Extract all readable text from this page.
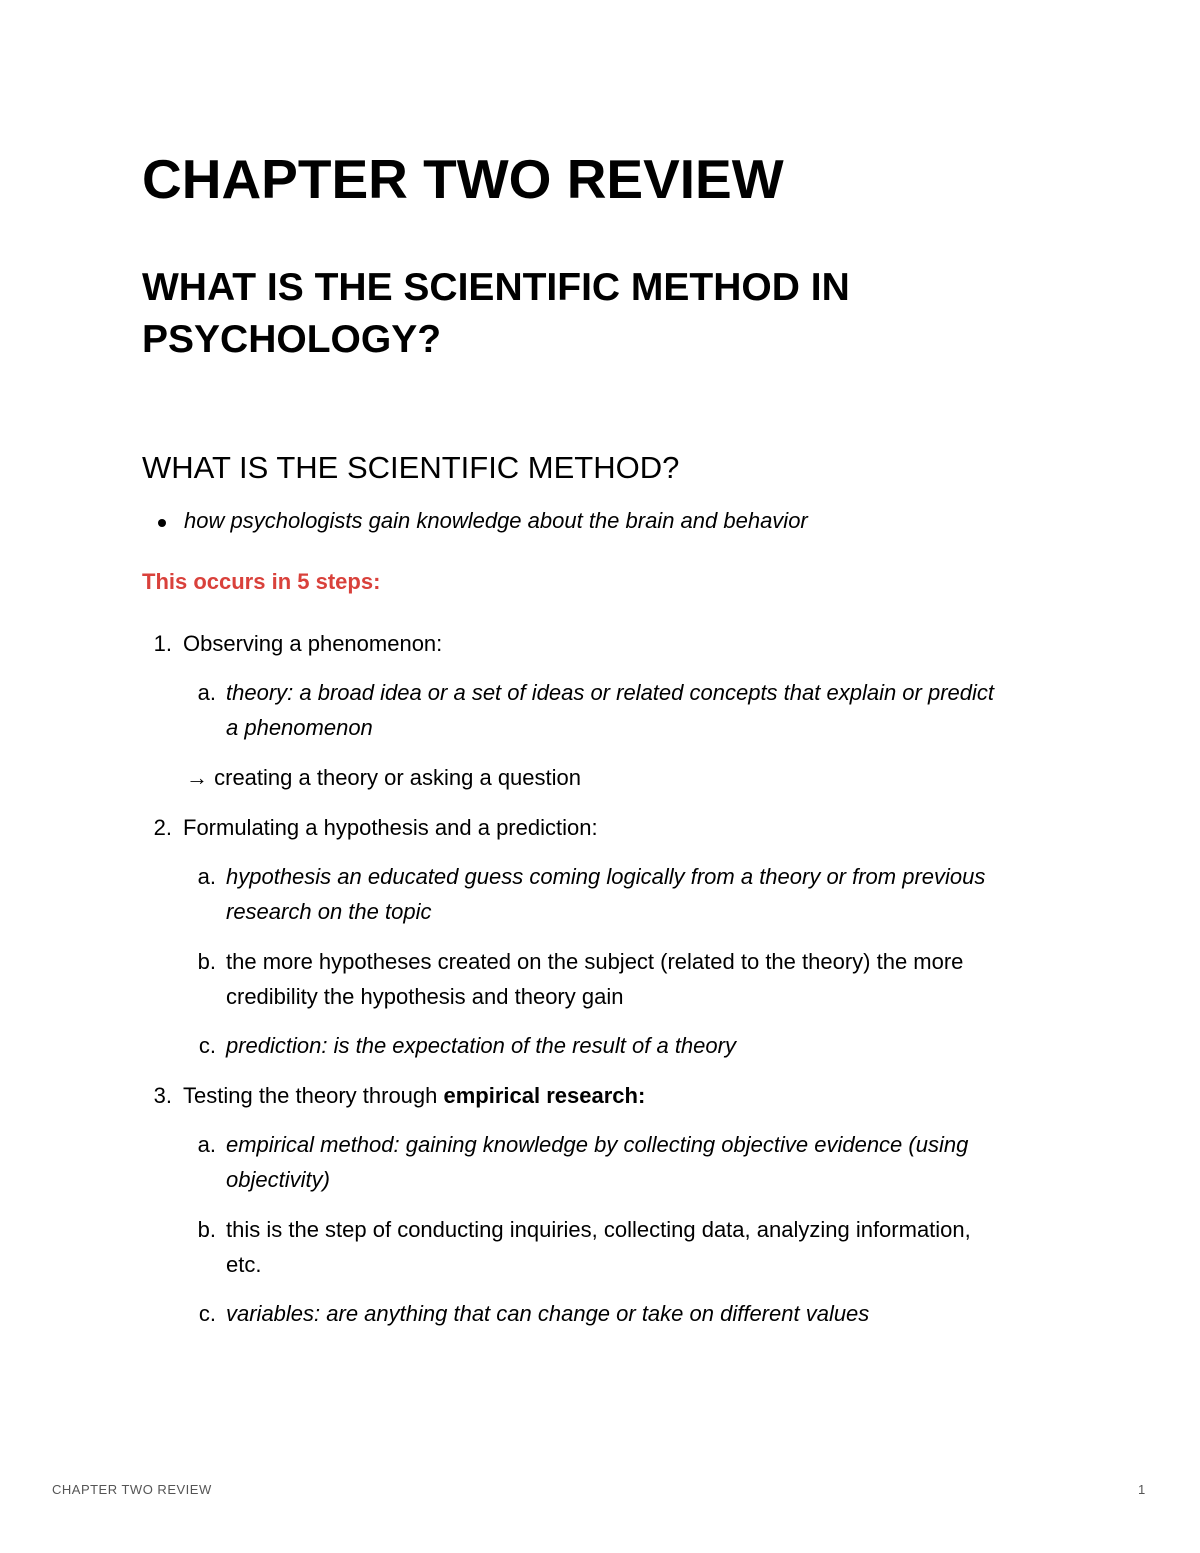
CHAPTER TWO REVIEW
WHAT IS THE SCIENTIFIC METHOD IN PSYCHOLOGY?
WHAT IS THE SCIENTIFIC METHOD?
how psychologists gain knowledge about the brain and behavior
This occurs in 5 steps:
1. Observing a phenomenon:
a. theory: a broad idea or a set of ideas or related concepts that explain or predict
a phenomenon
→ creating a theory or asking a question
2. Formulating a hypothesis and a prediction:
a. hypothesis an educated guess coming logically from a theory or from previous
research on the topic
b. the more hypotheses created on the subject (related to the theory) the more
credibility the hypothesis and theory gain
c. prediction: is the expectation of the result of a theory
3. Testing the theory through empirical research:
a. empirical method: gaining knowledge by collecting objective evidence (using
objectivity)
b. this is the step of conducting inquiries, collecting data, analyzing information,
etc.
c. variables: are anything that can change or take on different values
CHAPTER TWO REVIEW	1
